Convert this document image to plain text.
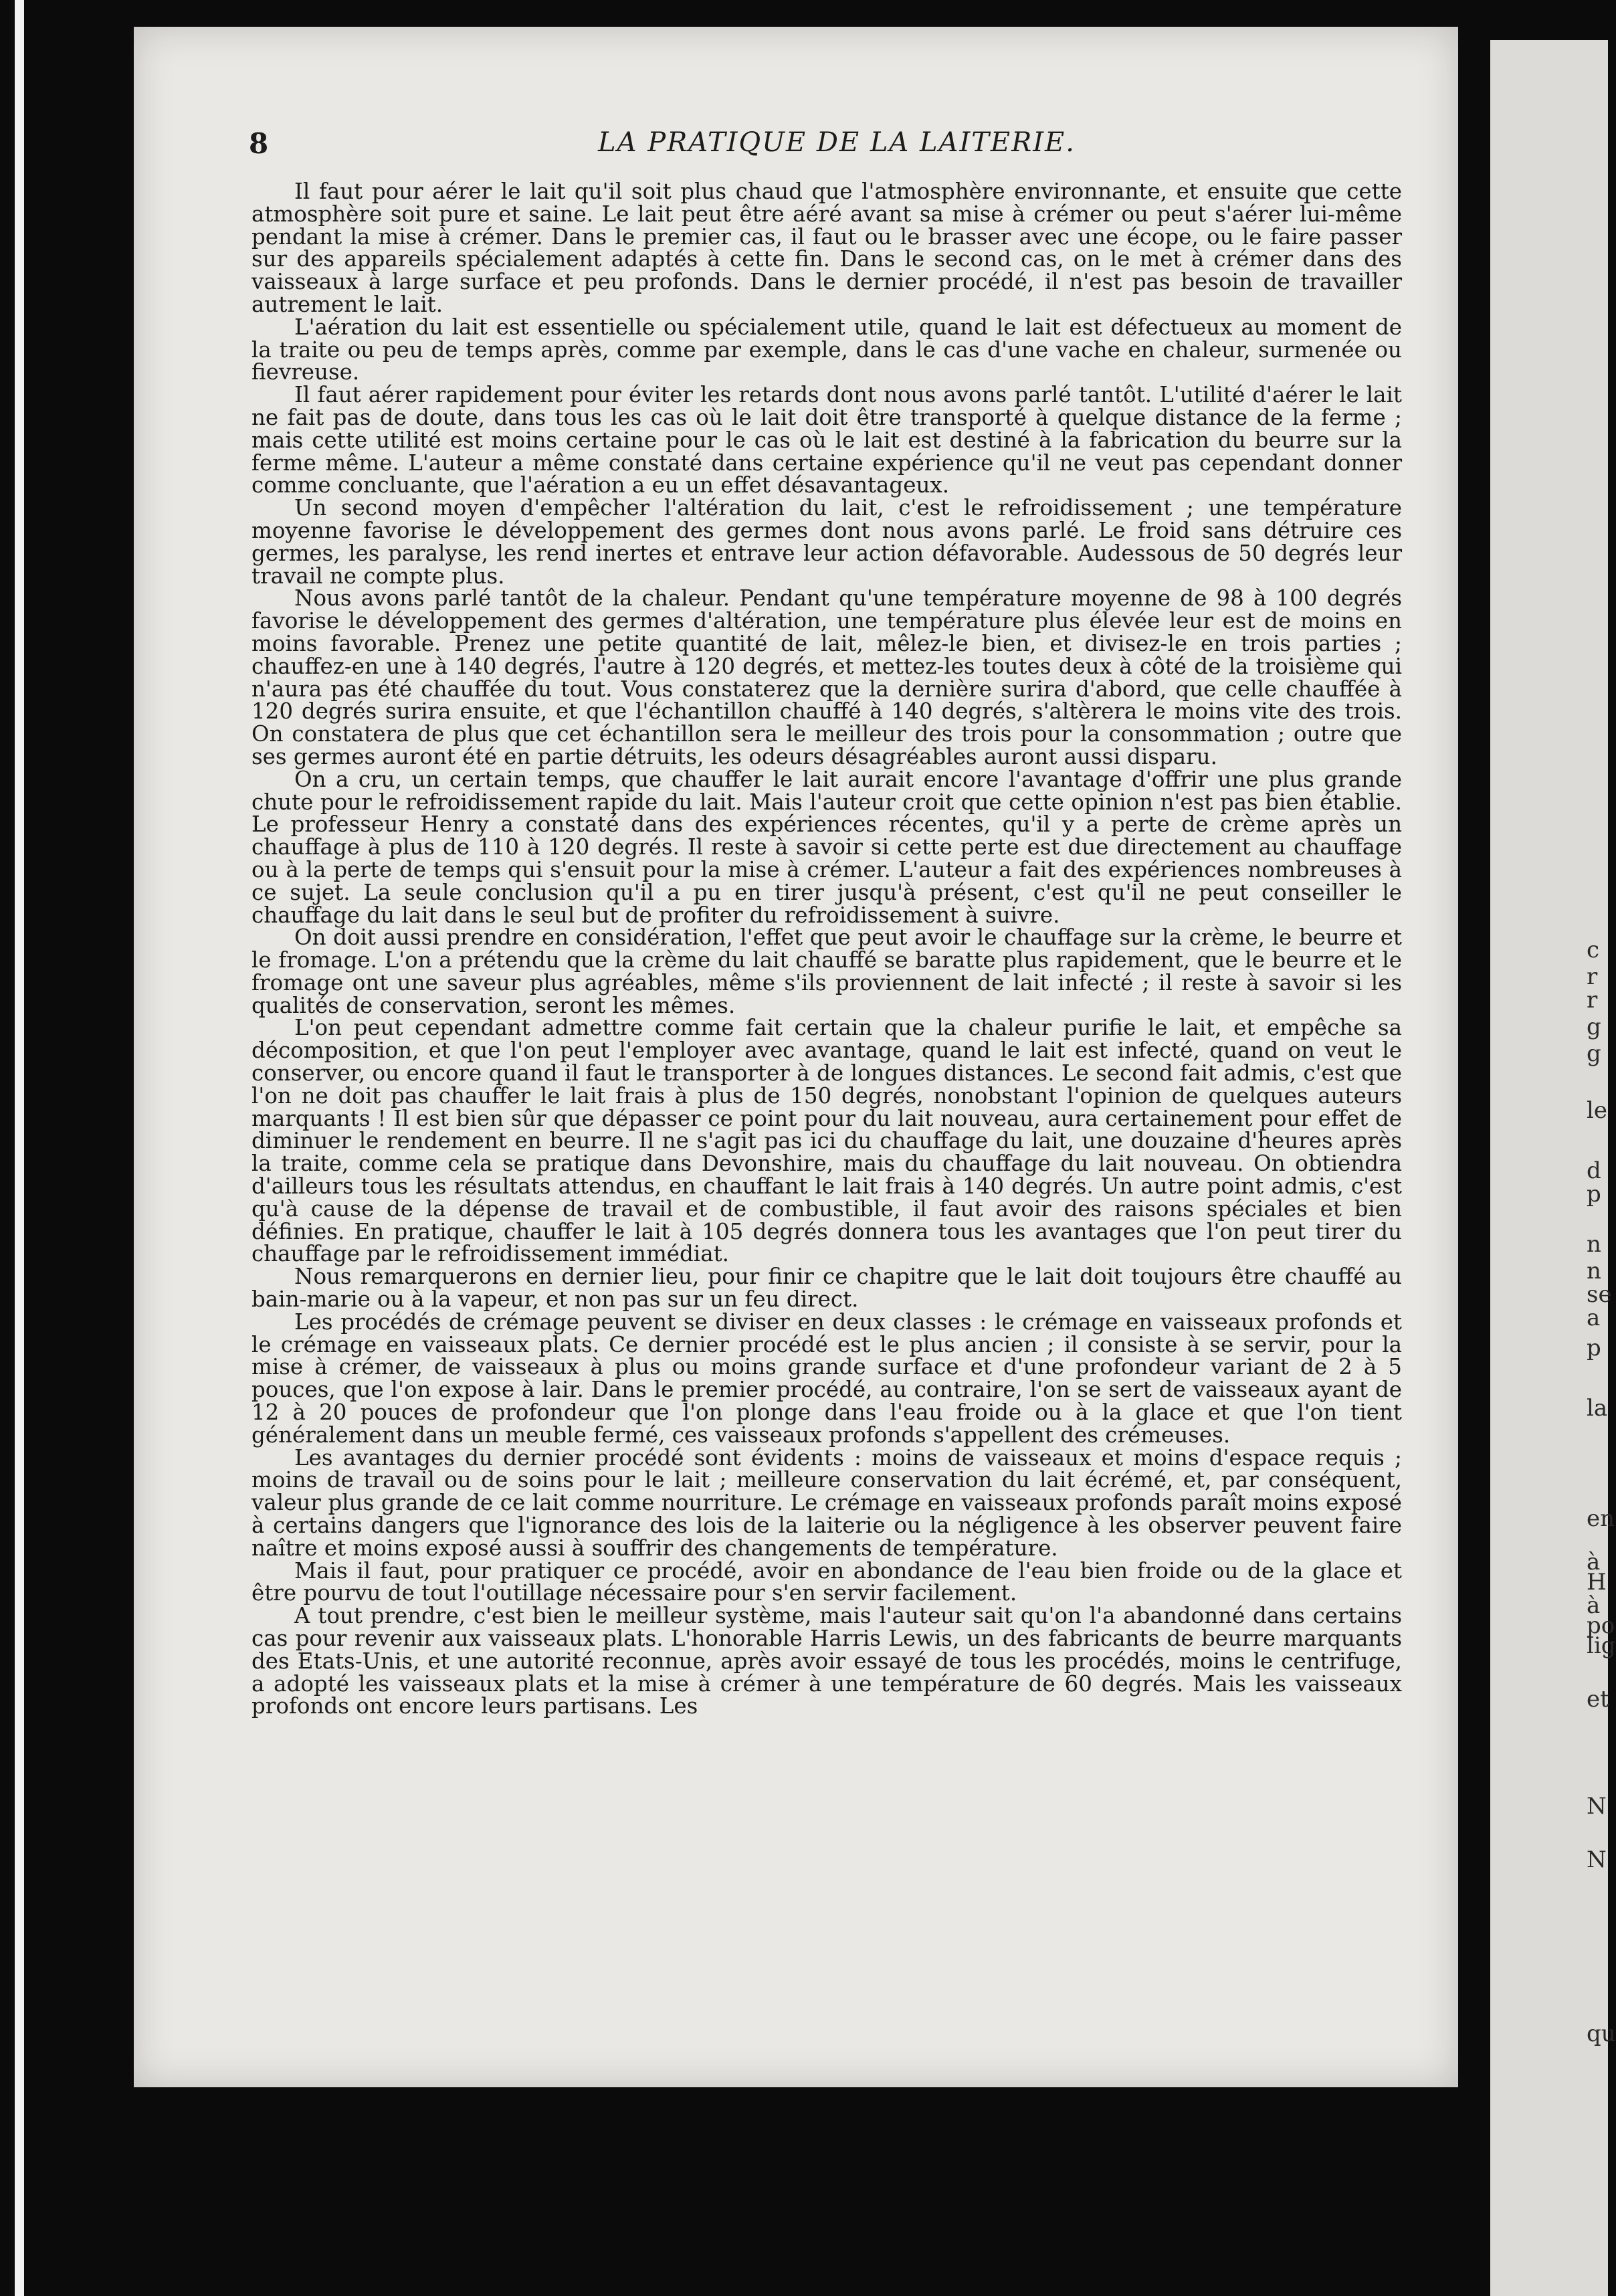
8	LA PRATIQUE DE LA LAITERIE.

Il faut pour aérer le lait qu'il soit plus chaud que l'atmosphère environnante, et ensuite que cette atmosphère soit pure et saine. Le lait peut être aéré avant sa mise à crémer ou peut s'aérer lui-même pendant la mise à crémer. Dans le premier cas, il faut ou le brasser avec une écope, ou le faire passer sur des appareils spécialement adaptés à cette fin. Dans le second cas, on le met à crémer dans des vaisseaux à large surface et peu profonds. Dans le dernier procédé, il n'est pas besoin de travailler autrement le lait.

L'aération du lait est essentielle ou spécialement utile, quand le lait est défectueux au moment de la traite ou peu de temps après, comme par exemple, dans le cas d'une vache en chaleur, surmenée ou fievreuse.

Il faut aérer rapidement pour éviter les retards dont nous avons parlé tantôt. L'utilité d'aérer le lait ne fait pas de doute, dans tous les cas où le lait doit être transporté à quelque distance de la ferme ; mais cette utilité est moins certaine pour le cas où le lait est destiné à la fabrication du beurre sur la ferme même. L'auteur a même constaté dans certaine expérience qu'il ne veut pas cependant donner comme concluante, que l'aération a eu un effet désavantageux.

Un second moyen d'empêcher l'altération du lait, c'est le refroidissement ; une température moyenne favorise le développement des germes dont nous avons parlé. Le froid sans détruire ces germes, les paralyse, les rend inertes et entrave leur action défavorable. Audessous de 50 degrés leur travail ne compte plus.

Nous avons parlé tantôt de la chaleur. Pendant qu'une température moyenne de 98 à 100 degrés favorise le développement des germes d'altération, une température plus élevée leur est de moins en moins favorable. Prenez une petite quantité de lait, mêlez-le bien, et divisez-le en trois parties ; chauffez-en une à 140 degrés, l'autre à 120 degrés, et mettez-les toutes deux à côté de la troisième qui n'aura pas été chauffée du tout. Vous constaterez que la dernière surira d'abord, que celle chauffée à 120 degrés surira ensuite, et que l'échantillon chauffé à 140 degrés, s'altèrera le moins vite des trois. On constatera de plus que cet échantillon sera le meilleur des trois pour la consommation ; outre que ses germes auront été en partie détruits, les odeurs désagréables auront aussi disparu.

On a cru, un certain temps, que chauffer le lait aurait encore l'avantage d'offrir une plus grande chute pour le refroidissement rapide du lait. Mais l'auteur croit que cette opinion n'est pas bien établie. Le professeur Henry a constaté dans des expériences récentes, qu'il y a perte de crème après un chauffage à plus de 110 à 120 degrés. Il reste à savoir si cette perte est due directement au chauffage ou à la perte de temps qui s'ensuit pour la mise à crémer. L'auteur a fait des expériences nombreuses à ce sujet. La seule conclusion qu'il a pu en tirer jusqu'à présent, c'est qu'il ne peut conseiller le chauffage du lait dans le seul but de profiter du refroidissement à suivre.

On doit aussi prendre en considération, l'effet que peut avoir le chauffage sur la crème, le beurre et le fromage. L'on a prétendu que la crème du lait chauffé se baratte plus rapidement, que le beurre et le fromage ont une saveur plus agréables, même s'ils proviennent de lait infecté ; il reste à savoir si les qualités de conservation, seront les mêmes.

L'on peut cependant admettre comme fait certain que la chaleur purifie le lait, et empêche sa décomposition, et que l'on peut l'employer avec avantage, quand le lait est infecté, quand on veut le conserver, ou encore quand il faut le transporter à de longues distances. Le second fait admis, c'est que l'on ne doit pas chauffer le lait frais à plus de 150 degrés, nonobstant l'opinion de quelques auteurs marquants ! Il est bien sûr que dépasser ce point pour du lait nouveau, aura certainement pour effet de diminuer le rendement en beurre. Il ne s'agit pas ici du chauffage du lait, une douzaine d'heures après la traite, comme cela se pratique dans Devonshire, mais du chauffage du lait nouveau. On obtiendra d'ailleurs tous les résultats attendus, en chauffant le lait frais à 140 degrés. Un autre point admis, c'est qu'à cause de la dépense de travail et de combustible, il faut avoir des raisons spéciales et bien définies. En pratique, chauffer le lait à 105 degrés donnera tous les avantages que l'on peut tirer du chauffage par le refroidissement immédiat.

Nous remarquerons en dernier lieu, pour finir ce chapitre que le lait doit toujours être chauffé au bain-marie ou à la vapeur, et non pas sur un feu direct.

Les procédés de crémage peuvent se diviser en deux classes : le crémage en vaisseaux profonds et le crémage en vaisseaux plats. Ce dernier procédé est le plus ancien ; il consiste à se servir, pour la mise à crémer, de vaisseaux à plus ou moins grande surface et d'une profondeur variant de 2 à 5 pouces, que l'on expose à lair. Dans le premier procédé, au contraire, l'on se sert de vaisseaux ayant de 12 à 20 pouces de profondeur que l'on plonge dans l'eau froide ou à la glace et que l'on tient généralement dans un meuble fermé, ces vaisseaux profonds s'appellent des crémeuses.

Les avantages du dernier procédé sont évidents : moins de vaisseaux et moins d'espace requis ; moins de travail ou de soins pour le lait ; meilleure conservation du lait écrémé, et, par conséquent, valeur plus grande de ce lait comme nourriture. Le crémage en vaisseaux profonds paraît moins exposé à certains dangers que l'ignorance des lois de la laiterie ou la négligence à les observer peuvent faire naître et moins exposé aussi à souffrir des changements de température.

Mais il faut, pour pratiquer ce procédé, avoir en abondance de l'eau bien froide ou de la glace et être pourvu de tout l'outillage nécessaire pour s'en servir facilement.

A tout prendre, c'est bien le meilleur système, mais l'auteur sait qu'on l'a abandonné dans certains cas pour revenir aux vaisseaux plats. L'honorable Harris Lewis, un des fabricants de beurre marquants des Etats-Unis, et une autorité reconnue, après avoir essayé de tous les procédés, moins le centrifuge, a adopté les vaisseaux plats et la mise à crémer à une température de 60 degrés. Mais les vaisseaux profonds ont encore leurs partisans. Les

c
r
r
g
g
le
d
p
n
n
se
a
p
la
en
à
H
à
po
lig
et
N
N
qu
